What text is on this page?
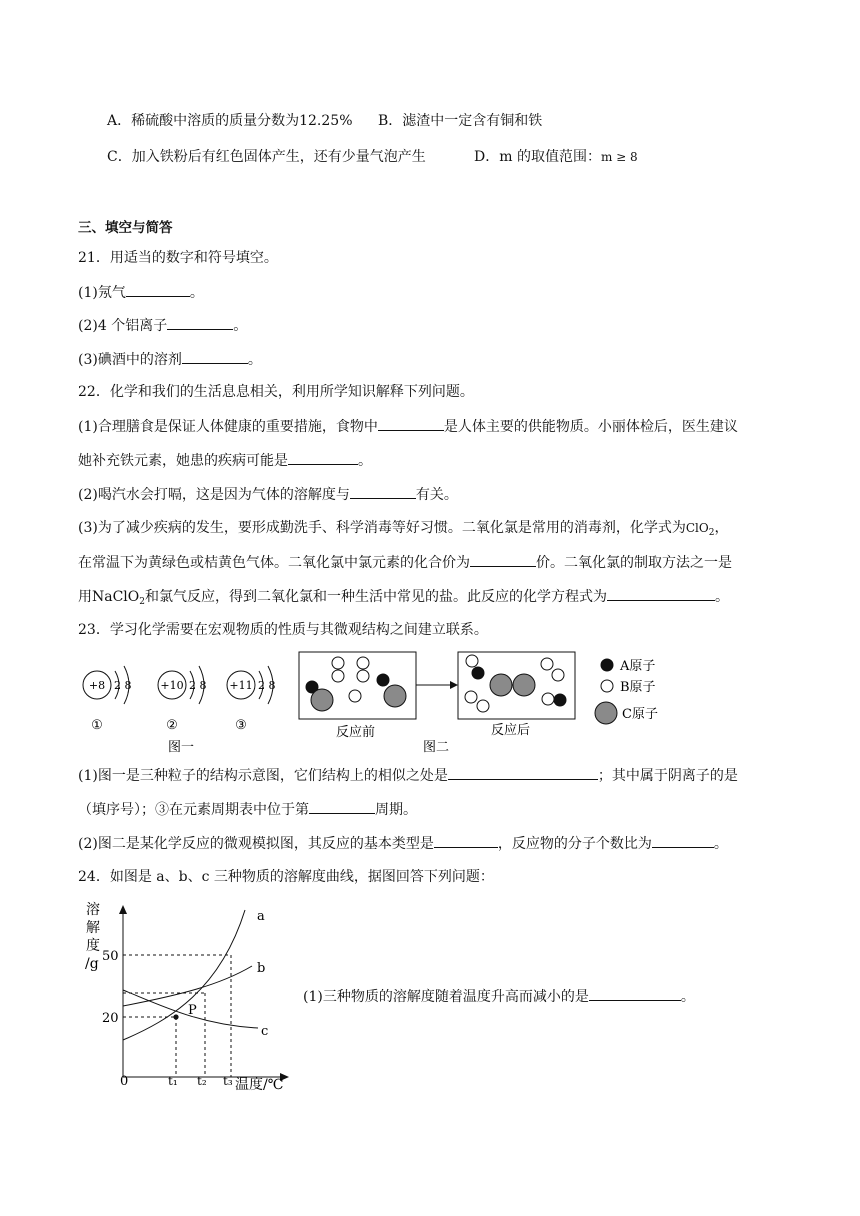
A．稀硫酸中溶质的质量分数为12.25% B．滤渣中一定含有铜和铁
C．加入铁粉后有红色固体产生，还有少量气泡产生	D．m 的取值范围：m ≥ 8
三、填空与简答
21．用适当的数字和符号填空。
(1)氖气	。
(2)4 个铝离子	。
(3)碘酒中的溶剂	。
22．化学和我们的生活息息相关，利用所学知识解释下列问题。
(1)合理膳食是保证人体健康的重要措施，食物中	是人体主要的供能物质。小丽体检后，医生建议
她补充铁元素，她患的疾病可能是	。
(2)喝汽水会打嗝，这是因为气体的溶解度与	有关。
(3)为了减少疾病的发生，要形成勤洗手、科学消毒等好习惯。二氧化氯是常用的消毒剂，化学式为ClO$_2$，
在常温下为黄绿色或桔黄色气体。二氧化氯中氯元素的化合价为	价。二氧化氯的制取方法之一是
用NaClO$_2$和氯气反应，得到二氧化氯和一种生活中常见的盐。此反应的化学方程式为	。
23．学习化学需要在宏观物质的性质与其微观结构之间建立联系。
+8 2 8
①
+10 2 8
②
+11 2 8
③
图一
反应前	反应后
图二
A原子
B原子
C原子
(1)图一是三种粒子的结构示意图，它们结构上的相似之处是	；其中属于阴离子的是
（填序号）；③在元素周期表中位于第	周期。
(2)图二是某化学反应的微观模拟图，其反应的基本类型是	，反应物的分子个数比为	。
24．如图是 a、b、c 三种物质的溶解度曲线，据图回答下列问题：
溶
解
度
/g 50
20
0	t₁ t₂ t₃ 温度/℃
P
a
b
c
(1)三种物质的溶解度随着温度升高而减小的是	。
